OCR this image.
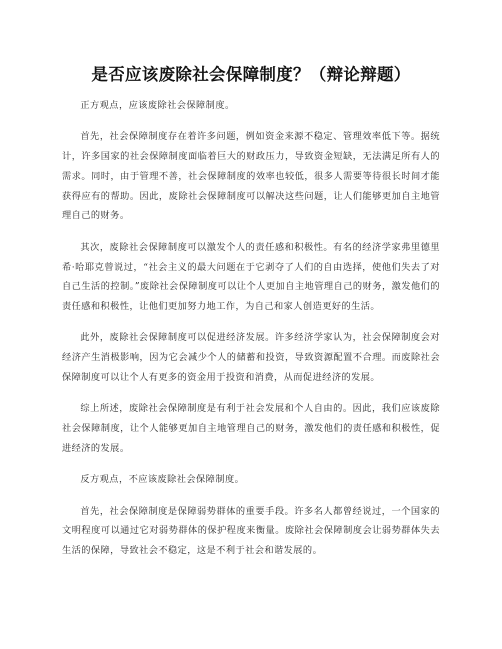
是否应该废除社会保障制度？（辩论辩题）

正方观点，应该废除社会保障制度。

首先，社会保障制度存在着许多问题，例如资金来源不稳定、管理效率低下等。据统计，许多国家的社会保障制度面临着巨大的财政压力，导致资金短缺，无法满足所有人的需求。同时，由于管理不善，社会保障制度的效率也较低，很多人需要等待很长时间才能获得应有的帮助。因此，废除社会保障制度可以解决这些问题，让人们能够更加自主地管理自己的财务。

其次，废除社会保障制度可以激发个人的责任感和积极性。有名的经济学家弗里德里希·哈耶克曾说过，“社会主义的最大问题在于它剥夺了人们的自由选择，使他们失去了对自己生活的控制。”废除社会保障制度可以让个人更加自主地管理自己的财务，激发他们的责任感和积极性，让他们更加努力地工作，为自己和家人创造更好的生活。

此外，废除社会保障制度可以促进经济发展。许多经济学家认为，社会保障制度会对经济产生消极影响，因为它会减少个人的储蓄和投资，导致资源配置不合理。而废除社会保障制度可以让个人有更多的资金用于投资和消费，从而促进经济的发展。

综上所述，废除社会保障制度是有利于社会发展和个人自由的。因此，我们应该废除社会保障制度，让个人能够更加自主地管理自己的财务，激发他们的责任感和积极性，促进经济的发展。

反方观点，不应该废除社会保障制度。

首先，社会保障制度是保障弱势群体的重要手段。许多名人都曾经说过，一个国家的文明程度可以通过它对弱势群体的保护程度来衡量。废除社会保障制度会让弱势群体失去生活的保障，导致社会不稳定，这是不利于社会和谐发展的。
